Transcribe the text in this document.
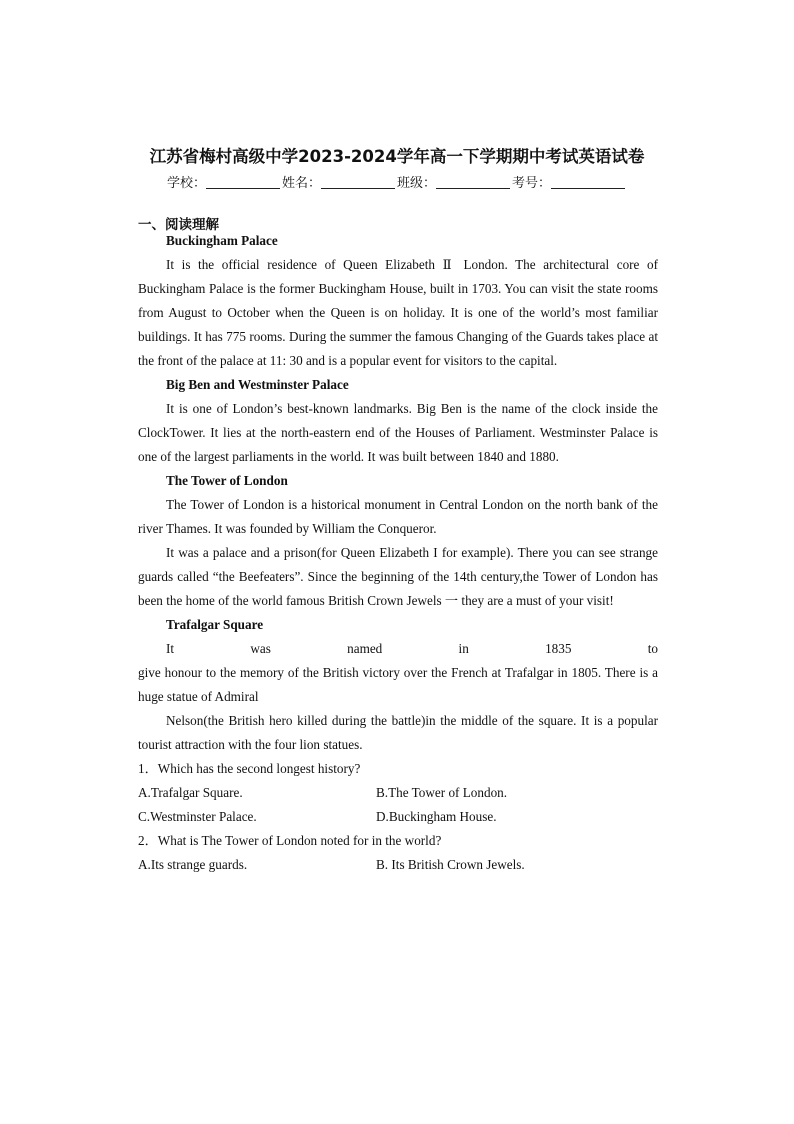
江苏省梅村高级中学2023-2024学年高一下学期期中考试英语试卷
学校：	姓名：	班级：	考号：
一、阅读理解

Buckingham Palace

It is the official residence of Queen Elizabeth Ⅱ London. The architectural core of Buckingham Palace is the former Buckingham House, built in 1703. You can visit the state rooms from August to October when the Queen is on holiday. It is one of the world’s most familiar buildings. It has 775 rooms. During the summer the famous Changing of the Guards takes place at the front of the palace at 11: 30 and is a popular event for visitors to the capital.

Big Ben and Westminster Palace

It is one of London’s best-known landmarks. Big Ben is the name of the clock inside the ClockTower. It lies at the north-eastern end of the Houses of Parliament. Westminster Palace is one of the largest parliaments in the world. It was built between 1840 and 1880.

The Tower of London

The Tower of London is a historical monument in Central London on the north bank of the river Thames. It was founded by William the Conqueror.

It was a palace and a prison(for Queen Elizabeth I for example). There you can see strange guards called “the Beefeaters”. Since the beginning of the 14th century,the Tower of London has been the home of the world famous British Crown Jewels 一 they are a must of your visit!

Trafalgar Square

It was named in 1835 to

give honour to the memory of the British victory over the French at Trafalgar in 1805. There is a huge statue of Admiral

Nelson(the British hero killed during the battle)in the middle of the square. It is a popular tourist attraction with the four lion statues.

1．Which has the second longest history?

A.Trafalgar Square.	B.The Tower of London.
C.Westminster Palace.	D.Buckingham House.

2．What is The Tower of London noted for in the world?

A.Its strange guards.	B. Its British Crown Jewels.
